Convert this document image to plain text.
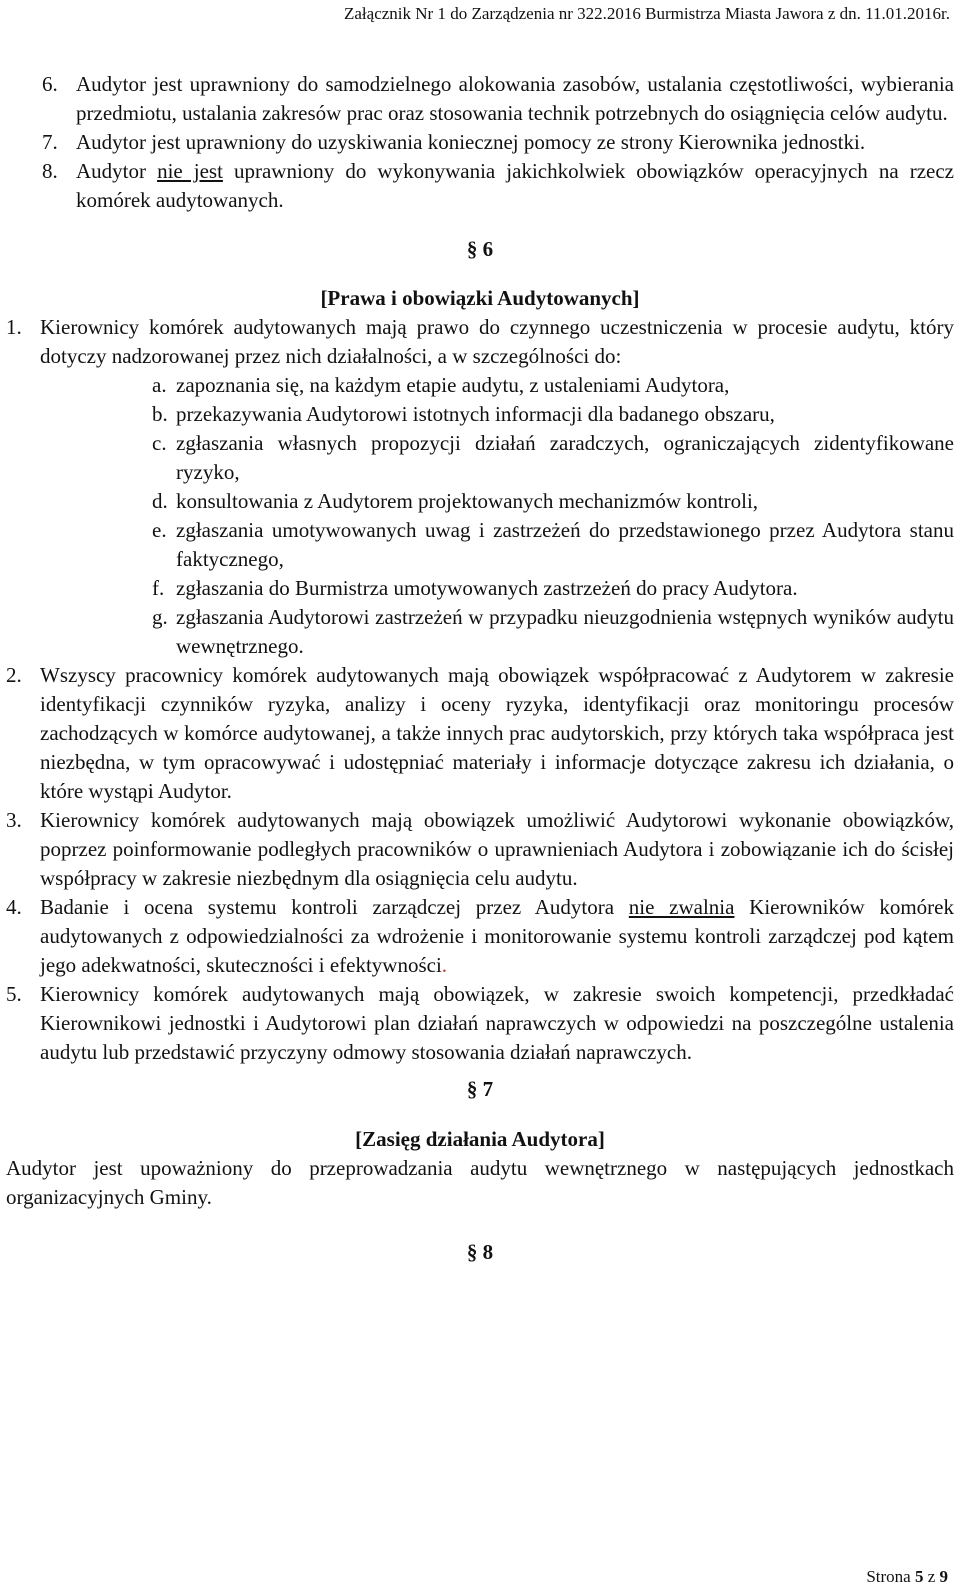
Załącznik Nr 1 do Zarządzenia nr 322.2016 Burmistrza Miasta Jawora z dn. 11.01.2016r.
6. Audytor jest uprawniony do samodzielnego alokowania zasobów, ustalania częstotliwości, wybierania przedmiotu, ustalania zakresów prac oraz stosowania technik potrzebnych do osiągnięcia celów audytu.
7. Audytor jest uprawniony do uzyskiwania koniecznej pomocy ze strony Kierownika jednostki.
8. Audytor nie jest uprawniony do wykonywania jakichkolwiek obowiązków operacyjnych na rzecz komórek audytowanych.
§ 6
[Prawa i obowiązki Audytowanych]
1. Kierownicy komórek audytowanych mają prawo do czynnego uczestniczenia w procesie audytu, który dotyczy nadzorowanej przez nich działalności, a w szczególności do:
a. zapoznania się, na każdym etapie audytu, z ustaleniami Audytora,
b. przekazywania Audytorowi istotnych informacji dla badanego obszaru,
c. zgłaszania własnych propozycji działań zaradczych, ograniczających zidentyfikowane ryzyko,
d. konsultowania z Audytorem projektowanych mechanizmów kontroli,
e. zgłaszania umotywowanych uwag i zastrzeżeń do przedstawionego przez Audytora stanu faktycznego,
f. zgłaszania do Burmistrza umotywowanych zastrzeżeń do pracy Audytora.
g. zgłaszania Audytorowi zastrzeżeń w przypadku nieuzgodnienia wstępnych wyników audytu wewnętrznego.
2. Wszyscy pracownicy komórek audytowanych mają obowiązek współpracować z Audytorem w zakresie identyfikacji czynników ryzyka, analizy i oceny ryzyka, identyfikacji oraz monitoringu procesów zachodzących w komórce audytowanej, a także innych prac audytorskich, przy których taka współpraca jest niezbędna, w tym opracowywać i udostępniać materiały i informacje dotyczące zakresu ich działania, o które wystąpi Audytor.
3. Kierownicy komórek audytowanych mają obowiązek umożliwić Audytorowi wykonanie obowiązków, poprzez poinformowanie podległych pracowników o uprawnieniach Audytora i zobowiązanie ich do ścisłej współpracy w zakresie niezbędnym dla osiągnięcia celu audytu.
4. Badanie i ocena systemu kontroli zarządczej przez Audytora nie zwalnia Kierowników komórek audytowanych z odpowiedzialności za wdrożenie i monitorowanie systemu kontroli zarządczej pod kątem jego adekwatności, skuteczności i efektywności.
5. Kierownicy komórek audytowanych mają obowiązek, w zakresie swoich kompetencji, przedkładać Kierownikowi jednostki i Audytorowi plan działań naprawczych w odpowiedzi na poszczególne ustalenia audytu lub przedstawić przyczyny odmowy stosowania działań naprawczych.
§ 7
[Zasięg działania Audytora]
Audytor jest upoważniony do przeprowadzania audytu wewnętrznego w następujących jednostkach organizacyjnych Gminy.
§ 8
Strona 5 z 9
